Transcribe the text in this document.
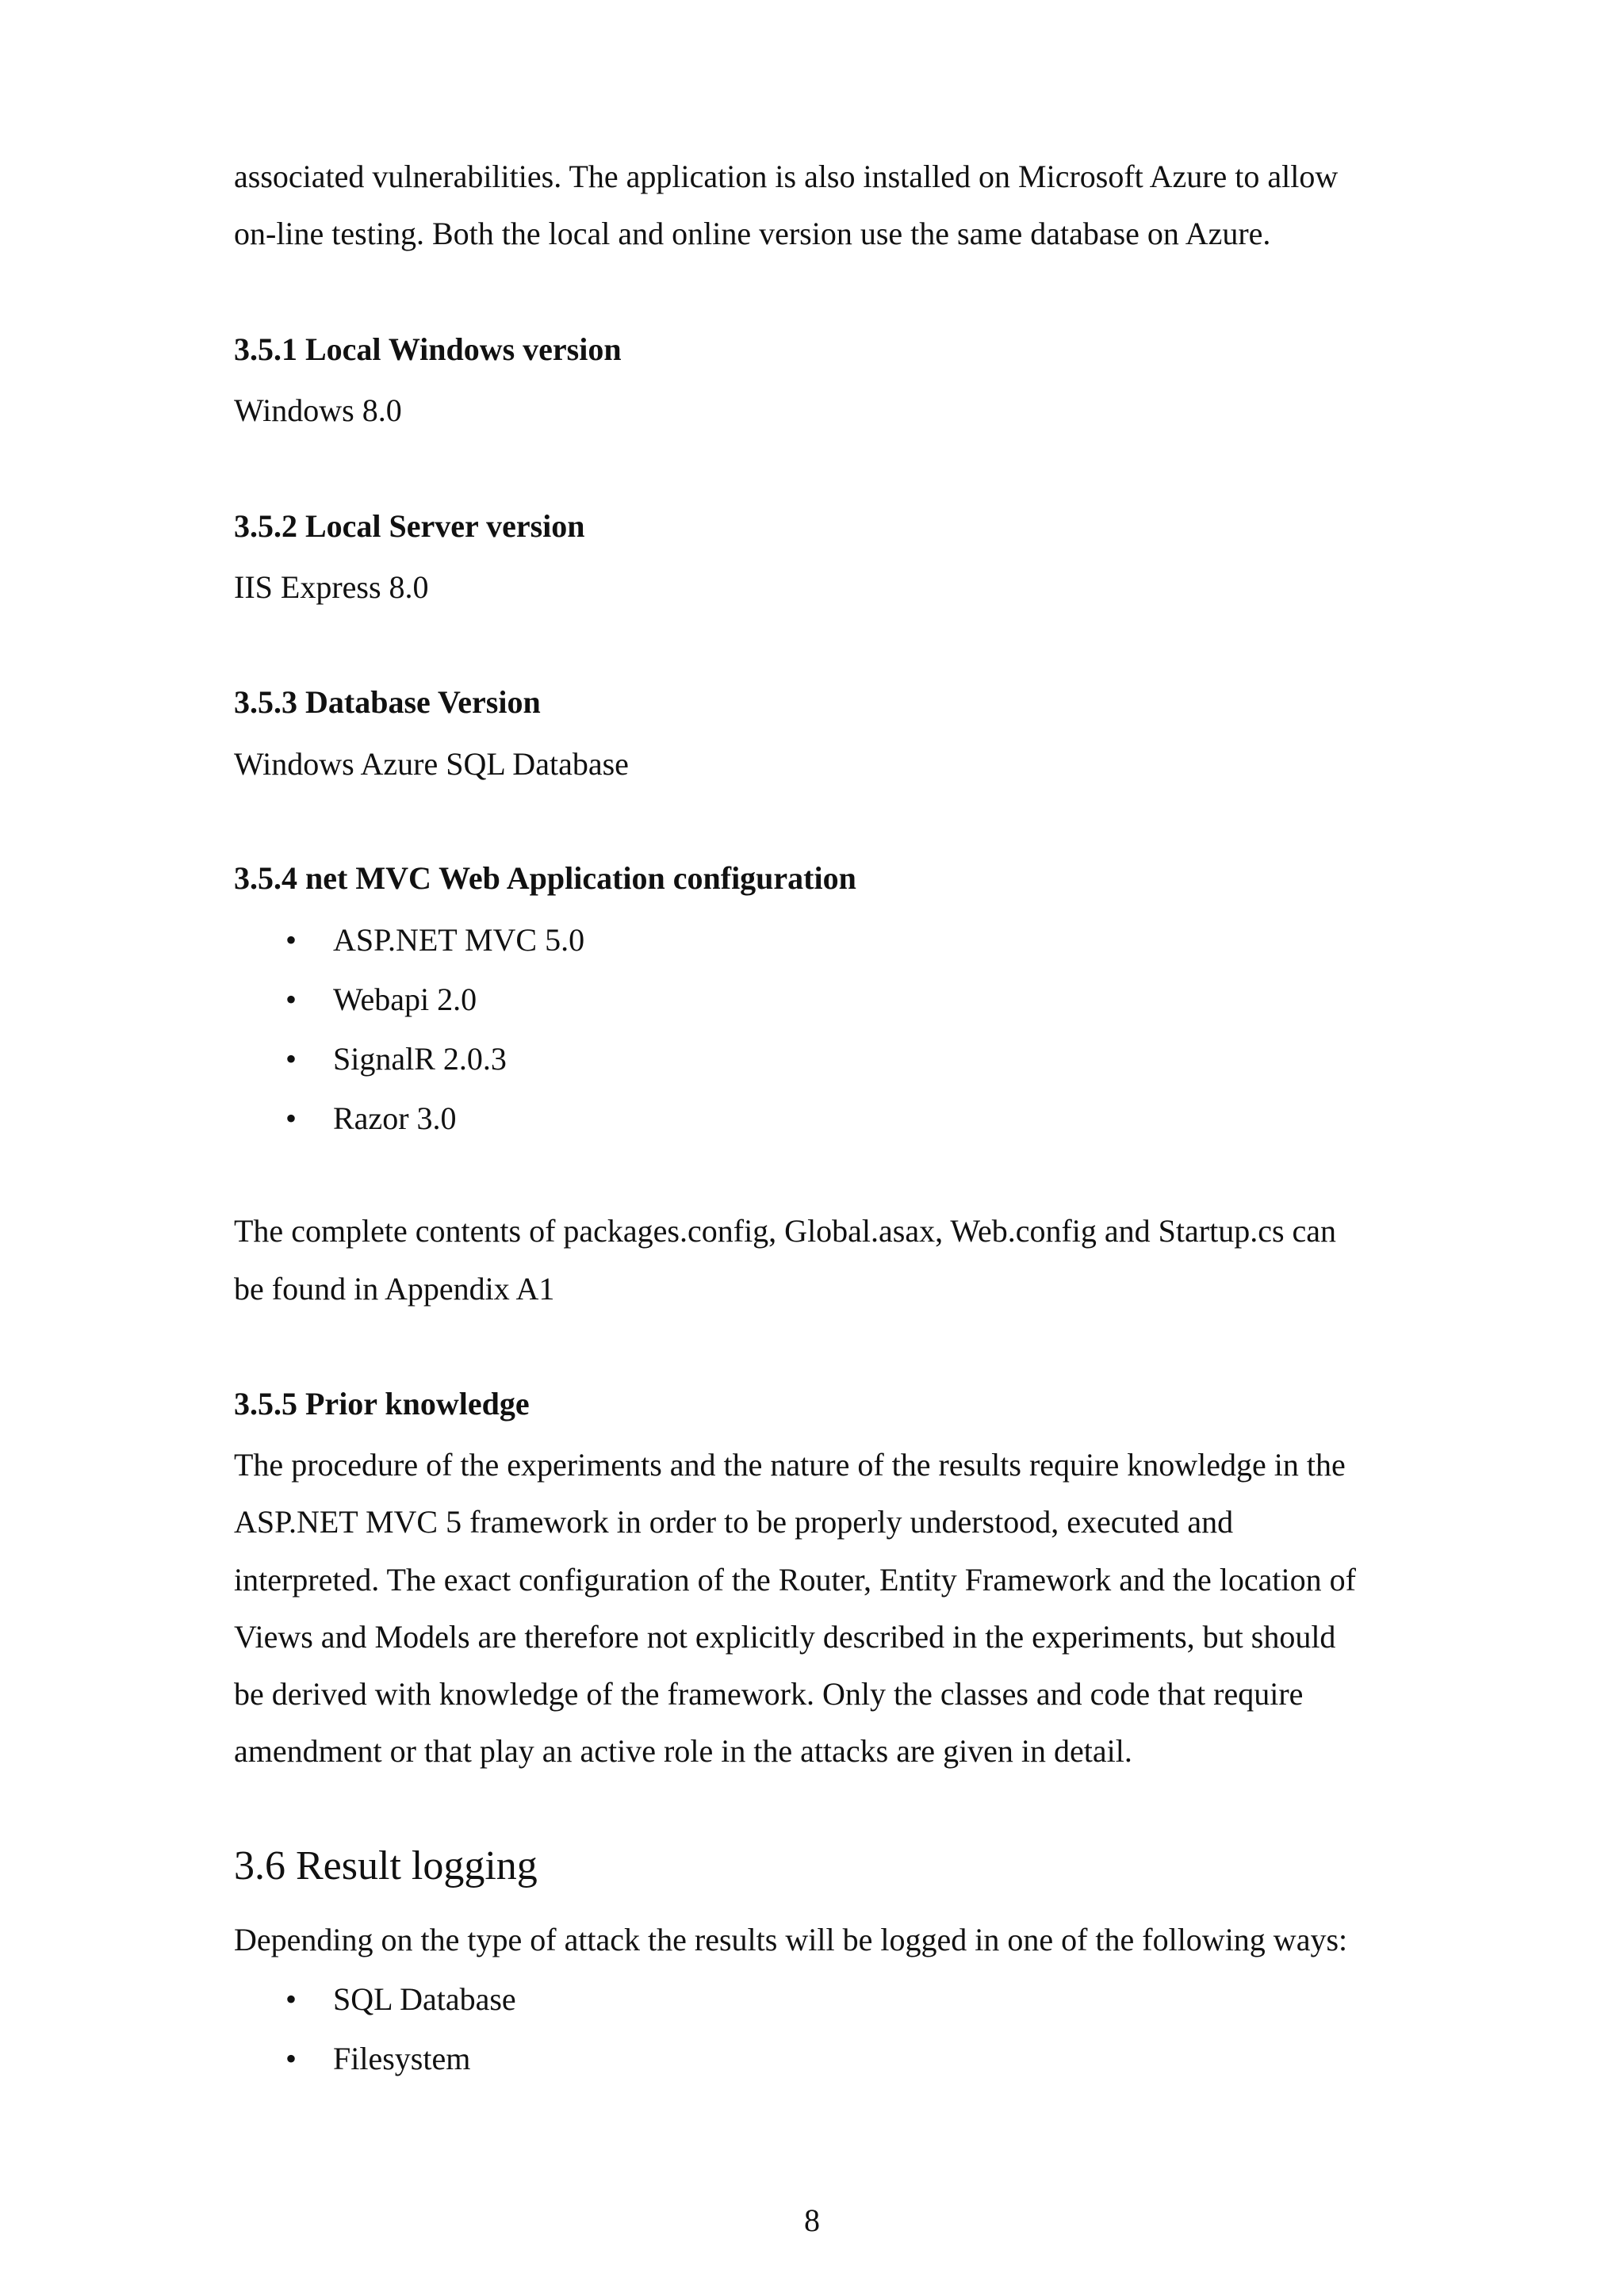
associated vulnerabilities. The application is also installed on Microsoft Azure to allow

on-line testing. Both the local and online version use the same database on Azure.

3.5.1 Local Windows version

Windows 8.0

3.5.2 Local Server version

IIS Express 8.0

3.5.3 Database Version

Windows Azure SQL Database

3.5.4 net MVC Web Application configuration

•	ASP.NET MVC 5.0
•	Webapi 2.0
•	SignalR 2.0.3
•	Razor 3.0

The complete contents of packages.config, Global.asax, Web.config and Startup.cs can

be found in Appendix A1

3.5.5 Prior knowledge

The procedure of the experiments and the nature of the results require knowledge in the

ASP.NET MVC 5 framework in order to be properly understood, executed and

interpreted. The exact configuration of the Router, Entity Framework and the location of

Views and Models are therefore not explicitly described in the experiments, but should

be derived with knowledge of the framework. Only the classes and code that require

amendment or that play an active role in the attacks are given in detail.

3.6 Result logging

Depending on the type of attack the results will be logged in one of the following ways:

•	SQL Database
•	Filesystem
8
